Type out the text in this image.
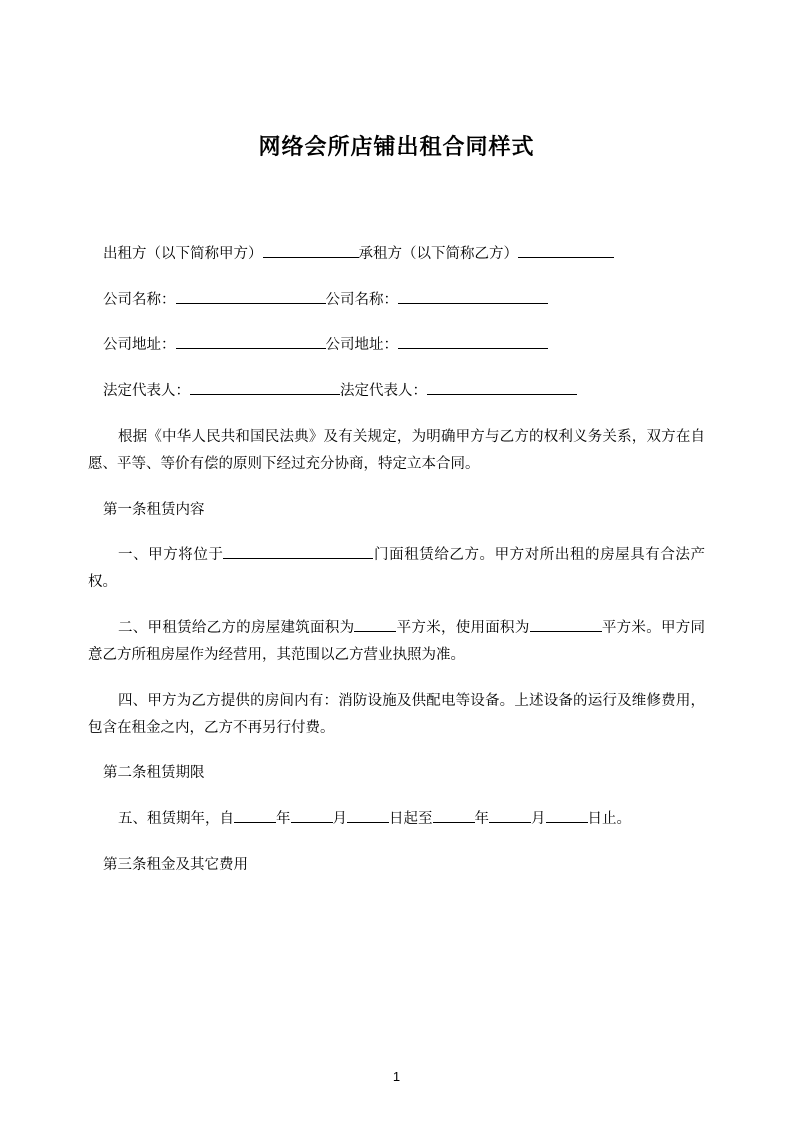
网络会所店铺出租合同样式

出租方（以下简称甲方）	承租方（以下简称乙方）

公司名称：	公司名称：

公司地址：	公司地址：

法定代表人：	法定代表人：

根据《中华人民共和国民法典》及有关规定，为明确甲方与乙方的权利义务关系，双方在自愿、平等、等价有偿的原则下经过充分协商，特定立本合同。

第一条租赁内容

一、甲方将位于	门面租赁给乙方。甲方对所出租的房屋具有合法产权。

二、甲租赁给乙方的房屋建筑面积为	平方米，使用面积为	平方米。甲方同意乙方所租房屋作为经营用，其范围以乙方营业执照为准。

四、甲方为乙方提供的房间内有：消防设施及供配电等设备。上述设备的运行及维修费用，包含在租金之内，乙方不再另行付费。

第二条租赁期限

五、租赁期年，自	年	月	日起至	年	月	日止。

第三条租金及其它费用

1
